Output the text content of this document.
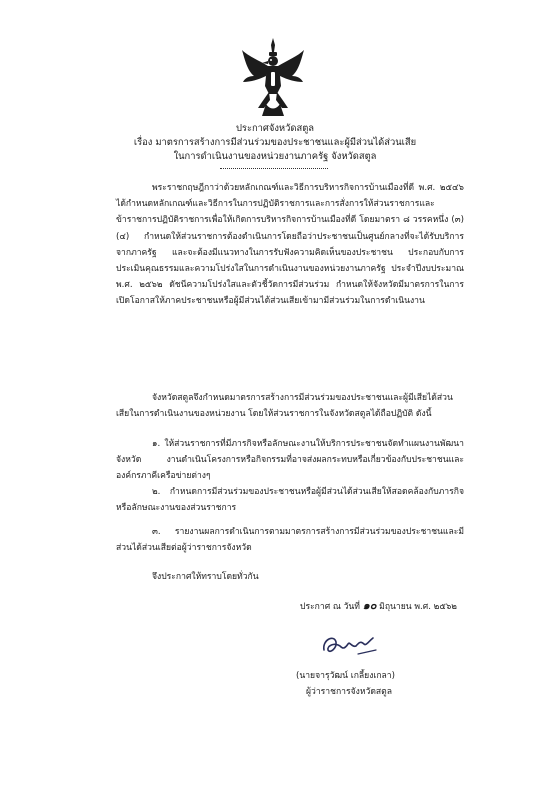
ประกาศจังหวัดสตูล
เรื่อง มาตรการสร้างการมีส่วนร่วมของประชาชนและผู้มีส่วนได้ส่วนเสีย
ในการดำเนินงานของหน่วยงานภาครัฐ จังหวัดสตูล
พระราชกฤษฎีกาว่าด้วยหลักเกณฑ์และวิธีการบริหารกิจการบ้านเมืองที่ดี พ.ศ. ๒๕๔๖ ได้กำหนดหลักเกณฑ์และวิธีการในการปฏิบัติราชการและการสั่งการให้ส่วนราชการและข้าราชการปฏิบัติราชการเพื่อให้เกิดการบริหารกิจการบ้านเมืองที่ดี โดยมาตรา ๘ วรรคหนึ่ง (๓) (๔) กำหนดให้ส่วนราชการต้องดำเนินการโดยถือว่าประชาชนเป็นศูนย์กลางที่จะได้รับบริการจากภาครัฐ และจะต้องมีแนวทางในการรับฟังความคิดเห็นของประชาชน ประกอบกับการประเมินคุณธรรมและความโปร่งใสในการดำเนินงานของหน่วยงานภาครัฐ ประจำปีงบประมาณ พ.ศ. ๒๕๖๒ ดัชนีความโปร่งใสและตัวชี้วัดการมีส่วนร่วม กำหนดให้จังหวัดมีมาตรการในการเปิดโอกาสให้ภาคประชาชนหรือผู้มีส่วนได้ส่วนเสียเข้ามามีส่วนร่วมในการดำเนินงาน
จังหวัดสตูลจึงกำหนดมาตรการสร้างการมีส่วนร่วมของประชาชนและผู้มีเสียได้ส่วนเสียในการดำเนินงานของหน่วยงาน โดยให้ส่วนราชการในจังหวัดสตูลได้ถือปฏิบัติ ดังนี้
๑. ให้ส่วนราชการที่มีภารกิจหรือลักษณะงานให้บริการประชาชนจัดทำแผนงานพัฒนาจังหวัด งานดำเนินโครงการหรือกิจกรรมที่อาจส่งผลกระทบหรือเกี่ยวข้องกับประชาชนและองค์กรภาคีเครือข่ายต่างๆ
๒. กำหนดการมีส่วนร่วมของประชาชนหรือผู้มีส่วนได้ส่วนเสียให้สอดคล้องกับภารกิจหรือลักษณะงานของส่วนราชการ
๓. รายงานผลการดำเนินการตามมาตรการสร้างการมีส่วนร่วมของประชาชนและมีส่วนได้ส่วนเสียต่อผู้ว่าราชการจังหวัด
จึงประกาศให้ทราบโดยทั่วกัน
ประกาศ ณ วันที่ ๑๐ มิถุนายน พ.ศ. ๒๕๖๒
(นายจารุวัฒน์ เกลี้ยงเกลา)
ผู้ว่าราชการจังหวัดสตูล
